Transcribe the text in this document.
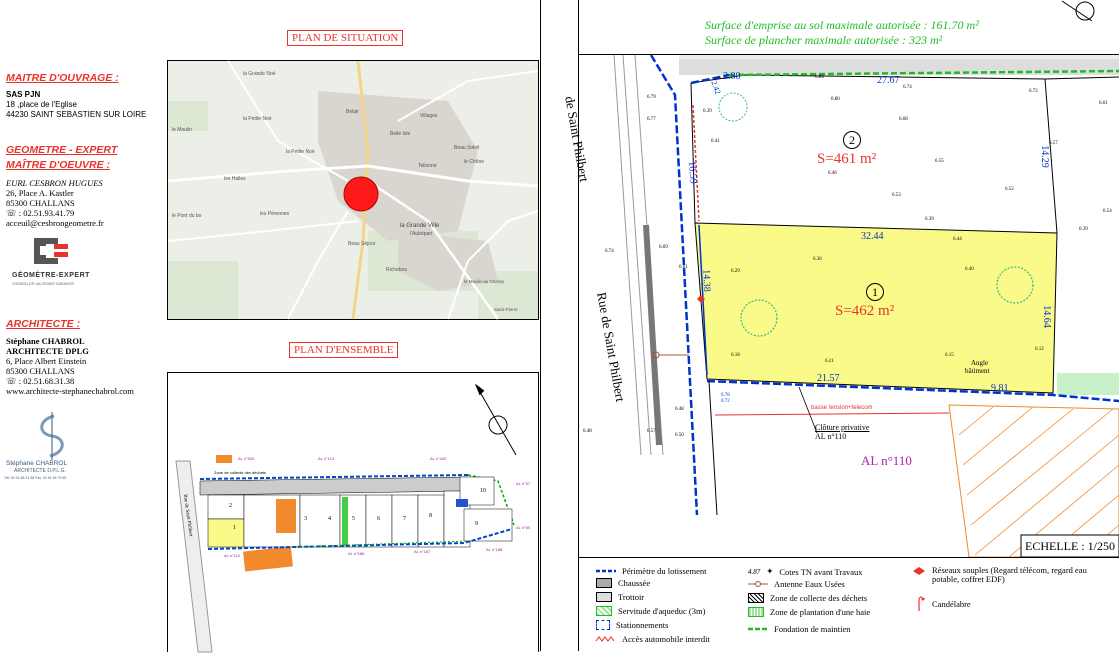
MAITRE D'OUVRAGE :
SAS PJN
18 ,place de l'Eglise
44230 SAINT SEBASTIEN SUR LOIRE
GEOMETRE - EXPERT
MAÎTRE D'OEUVRE :
EURL CESBRON HUGUES
26, Place A. Kastler
85300 CHALLANS
☏ : 02.51.93.41.79
acceuil@cesbrongeometre.fr
GÉOMÈTRE-EXPERT
CONSEILLER VALORISER GARANTIR
ARCHITECTE :
Stéphane CHABROL
ARCHITECTE DPLG
6, Place Albert Einstein
85300 CHALLANS
☏ : 02.51.68.31.38
www.architecte-stephanechabrol.com
Stéphane CHABROL
ARCHITECTE D.P.L.G.
Tél. 02 51 68 31 38 Fax. 02 51 54 79 95
PLAN DE SITUATION
la Grande Noé
la Petite Noé
la Petite Noé
Belle Isle
Villages
Beau Soleil
le Chêne
Belair
Tellonne
le Moulin
les Pérennes
le Pont du bo
la Grande Ville
l'Aubépart
Beau Séjour
Richebou
le Moulin au Champ
Saint-Pierre
les Halles
PLAN D'ENSEMBLE
AL n°532	AL n°113	AL n°442
AL n°57
AL n°60
AL n°110	AL n°188	AL n°187	AL n°188
Zone de collecte des déchets
Rue de Saint Philbert	2
1
3	4	5	6	7	8
9
10
Surface d'emprise au sol maximale autorisée : 161.70 m²
Surface de plancher maximale autorisée : 323 m²
de Saint Philbert
Rue de Saint Philbert
2
S=461 m²
1
S=462 m²
2.80	27.67
14.29
10.59
32.44
14.38
14.64
21.57
9.81
2.42
Angle
bâtiment
basse tension+telecom
Clôture privative
AL n°110
AL n°110
6.84
6.80
6.74
6.72
6.61
6.68
6.57
6.55
6.46
6.53
6.52
6.54
6.39
6.44
6.39
6.36
6.40
6.29
6.79
6.77
6.39
6.41
6.61
6.74
6.69
6.18
6.21
6.15
6.12
6.48
6.48	6.57
6.50
6.78
6.72
ECHELLE : 1/250
Périmètre du lotissement
Chaussée
Trottoir
Servitude d'aqueduc (3m)
Stationnements
Accès automobile interdit
4.87 ✦ Cotes TN avant Travaux
Antenne Eaux Usées
Zone de collecte des déchets
Zone de plantation d'une haie
Fondation de maintien
Réseaux souples (Regard télécom, regard eau potable, coffret EDF)
Candélabre
